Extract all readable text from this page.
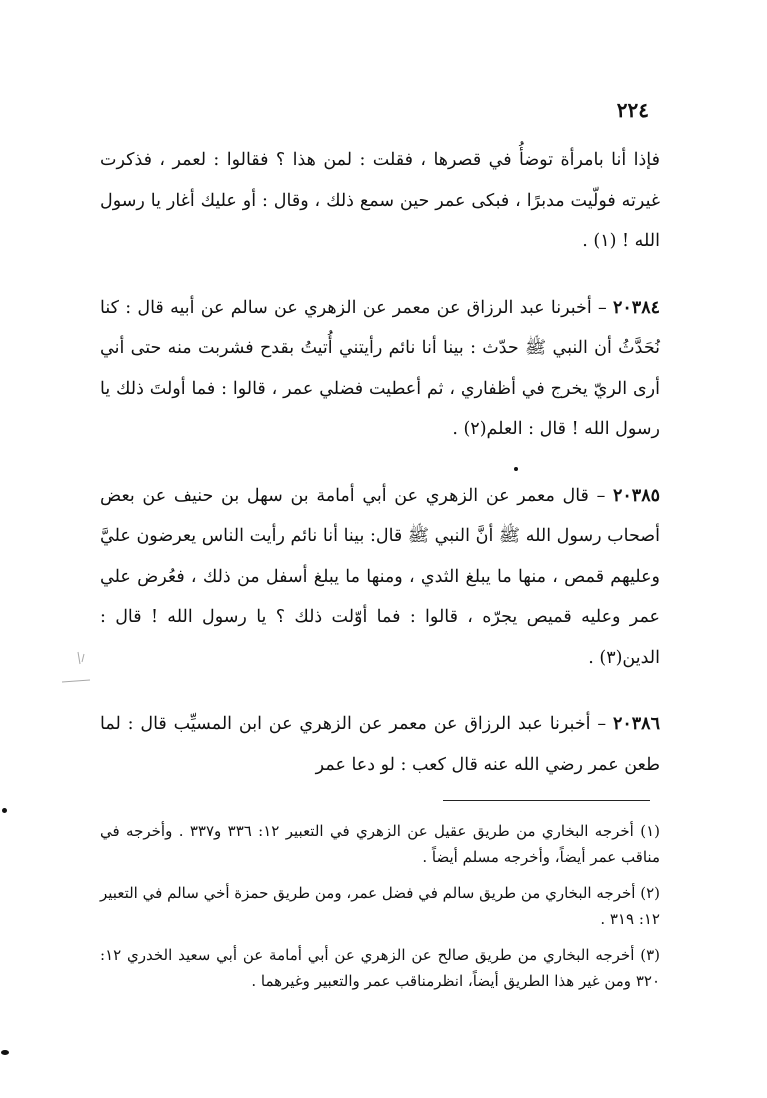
٢٢٤

فإذا أنا بامرأة توضأُ في قصرها ، فقلت : لمن هذا ؟ فقالوا : لعمر ، فذكرت غيرته فولّيت مدبرًا ، فبكى عمر حين سمع ذلك ، وقال : أو عليك أغار يا رسول الله ! (١) .

٢٠٣٨٤ – أخبرنا عبد الرزاق عن معمر عن الزهري عن سالم عن أبيه قال : كنا نُحَدَّثُ أن النبي ﷺ حدّث : بينا أنا نائم رأيتني أُتيتُ بقدح فشربت منه حتى أني أرى الريّ يخرج في أظفاري ، ثم أعطيت فضلي عمر ، قالوا : فما أولتَ ذلك يا رسول الله ! قال : العلم(٢) .

٢٠٣٨٥ – قال معمر عن الزهري عن أبي أمامة بن سهل بن حنيف عن بعض أصحاب رسول الله ﷺ أنَّ النبي ﷺ قال: بينا أنا نائم رأيت الناس يعرضون عليَّ وعليهم قمص ، منها ما يبلغ الثدي ، ومنها ما يبلغ أسفل من ذلك ، فعُرض علي عمر وعليه قميص يجرّه ، قالوا : فما أوّلت ذلك ؟ يا رسول الله ! قال : الدين(٣) .

٢٠٣٨٦ – أخبرنا عبد الرزاق عن معمر عن الزهري عن ابن المسيِّب قال : لما طعن عمر رضي الله عنه قال كعب : لو دعا عمر

(١) أخرجه البخاري من طريق عقيل عن الزهري في التعبير ١٢: ٣٣٦ و٣٣٧ . وأخرجه في مناقب عمر أيضاً، وأخرجه مسلم أيضاً .

(٢) أخرجه البخاري من طريق سالم في فضل عمر، ومن طريق حمزة أخي سالم في التعبير ١٢: ٣١٩ .

(٣) أخرجه البخاري من طريق صالح عن الزهري عن أبي أمامة عن أبي سعيد الخدري ١٢: ٣٢٠ ومن غير هذا الطريق أيضاً، انظرمناقب عمر والتعبير وغيرهما .
